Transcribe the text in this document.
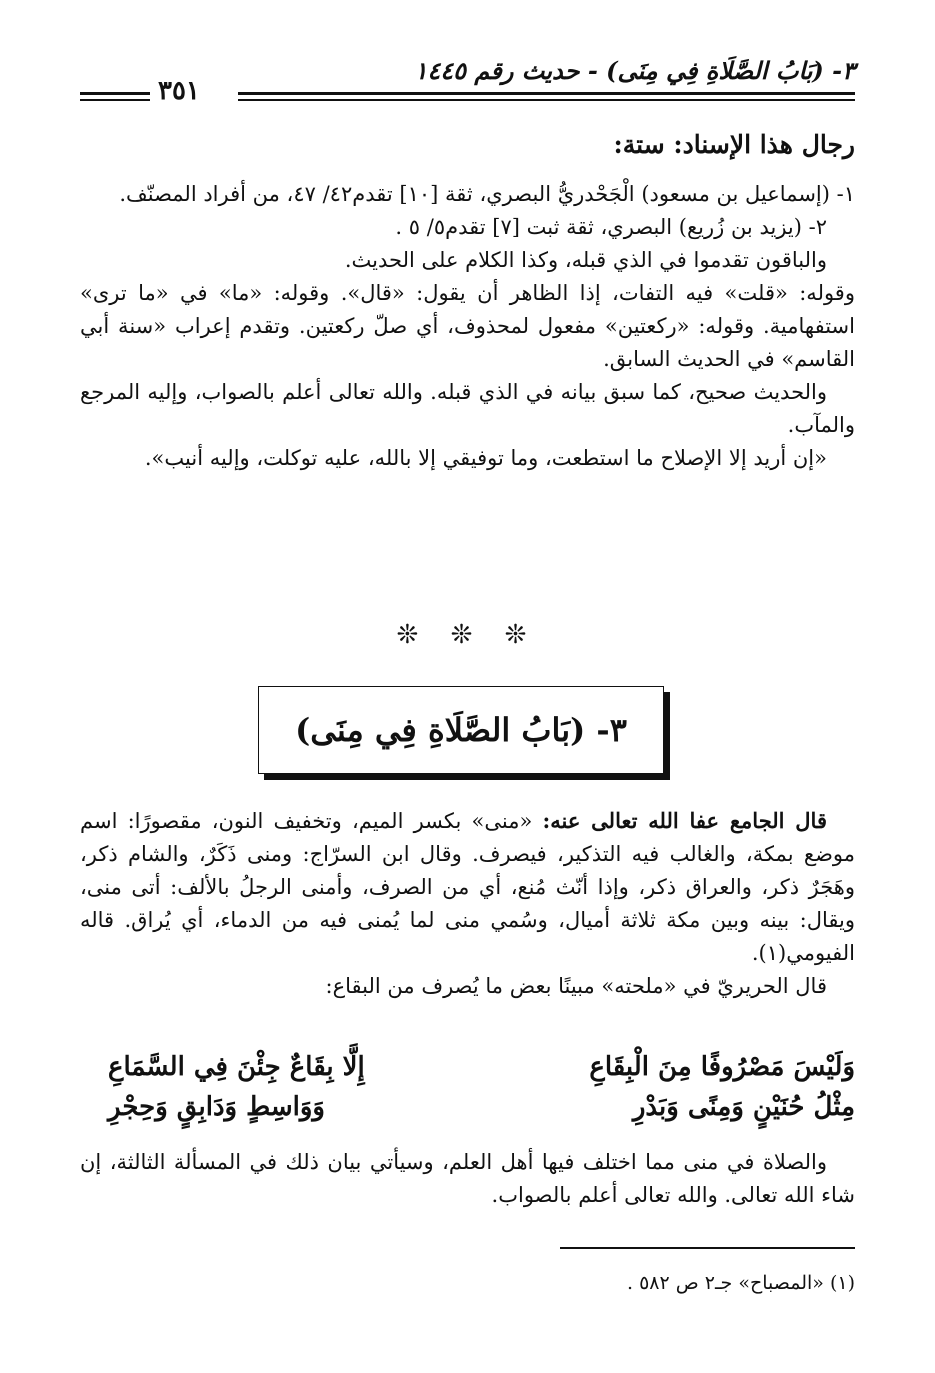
٣- (بَابُ الصَّلَاةِ فِي مِنَى) - حديث رقم ١٤٤٥
٣٥١
رجال هذا الإسناد: ستة:

١- (إسماعيل بن مسعود) الْجَحْدريُّ البصري، ثقة [١٠] تقدم٤٢/ ٤٧، من أفراد المصنّف.

٢- (يزيد بن زُريع) البصري، ثقة ثبت [٧] تقدم٥/ ٥ .

والباقون تقدموا في الذي قبله، وكذا الكلام على الحديث.

وقوله: «قلت» فيه التفات، إذا الظاهر أن يقول: «قال». وقوله: «ما» في «ما ترى» استفهامية. وقوله: «ركعتين» مفعول لمحذوف، أي صلّ ركعتين. وتقدم إعراب «سنة أبي القاسم» في الحديث السابق.

والحديث صحيح، كما سبق بيانه في الذي قبله. والله تعالى أعلم بالصواب، وإليه المرجع والمآب.

«إن أريد إلا الإصلاح ما استطعت، وما توفيقي إلا بالله، عليه توكلت، وإليه أنيب».

❊ ❊ ❊
٣- (بَابُ الصَّلَاةِ فِي مِنَى)

قال الجامع عفا الله تعالى عنه: «منى» بكسر الميم، وتخفيف النون، مقصورًا: اسم موضع بمكة، والغالب فيه التذكير، فيصرف. وقال ابن السرّاج: ومنى ذَكَرٌ، والشام ذكر، وهَجَرٌ ذكر، والعراق ذكر، وإذا أنّث مُنع، أي من الصرف، وأمنى الرجلُ بالألف: أتى منى، ويقال: بينه وبين مكة ثلاثة أميال، وسُمي منى لما يُمنى فيه من الدماء، أي يُراق. قاله الفيومي(١).

قال الحريريّ في «ملحته» مبينًا بعض ما يُصرف من البقاع:

وَلَيْسَ مَصْرُوفًا مِنَ الْبِقَاعِ
إِلَّا بِقَاعٌ جِئْنَ فِي السَّمَاعِ
مِثْلُ حُنَيْنٍ وَمِنًى وَبَدْرِ
وَوَاسِطٍ وَدَابِقٍ وَحِجْرِ

والصلاة في منى مما اختلف فيها أهل العلم، وسيأتي بيان ذلك في المسألة الثالثة، إن شاء الله تعالى. والله تعالى أعلم بالصواب.

(١) «المصباح» جـ٢ ص ٥٨٢ .
